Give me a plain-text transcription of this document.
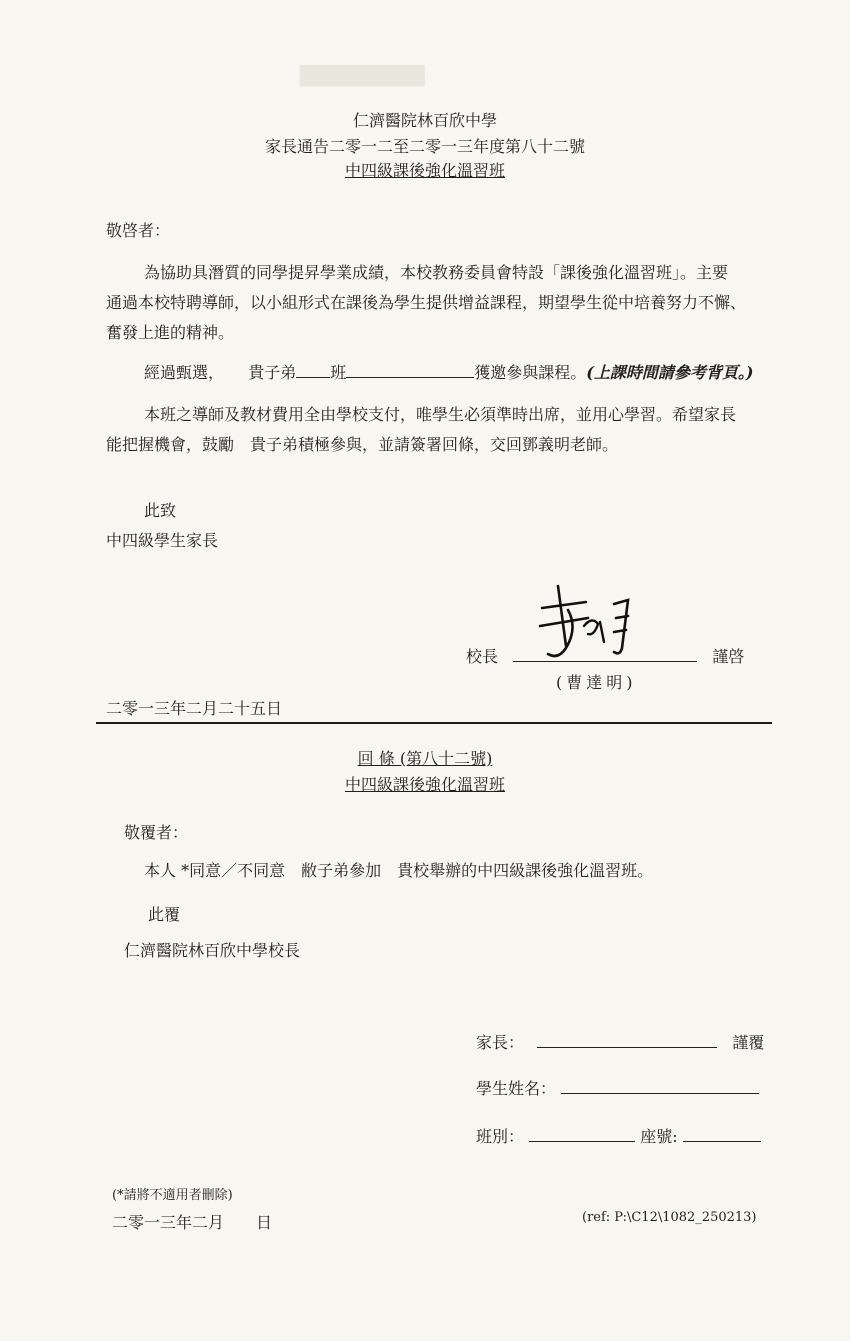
█████████
仁濟醫院林百欣中學
家長通告二零一二至二零一三年度第八十二號
中四級課後強化溫習班
敬啓者：
為協助具潛質的同學提昇學業成績，本校教務委員會特設「課後強化溫習班」。主要
通過本校特聘導師，以小組形式在課後為學生提供增益課程，期望學生從中培養努力不懈、
奮發上進的精神。
經過甄選， 貴子弟 班	獲邀參與課程。(上課時間請參考背頁。)
本班之導師及教材費用全由學校支付，唯學生必須準時出席，並用心學習。希望家長
能把握機會，鼓勵　貴子弟積極參與，並請簽署回條，交回鄧義明老師。
此致
中四級學生家長
校長	謹啓
(曹達明)
二零一三年二月二十五日
回 條 (第八十二號)
中四級課後強化溫習班
敬覆者：
本人 *同意／不同意　敝子弟參加　貴校舉辦的中四級課後強化溫習班。
此覆
仁濟醫院林百欣中學校長
家長：	謹覆
學生姓名：
班別：	座號:
(*請將不適用者刪除)
二零一三年二月　　日	(ref: P:\C12\1082_250213)
